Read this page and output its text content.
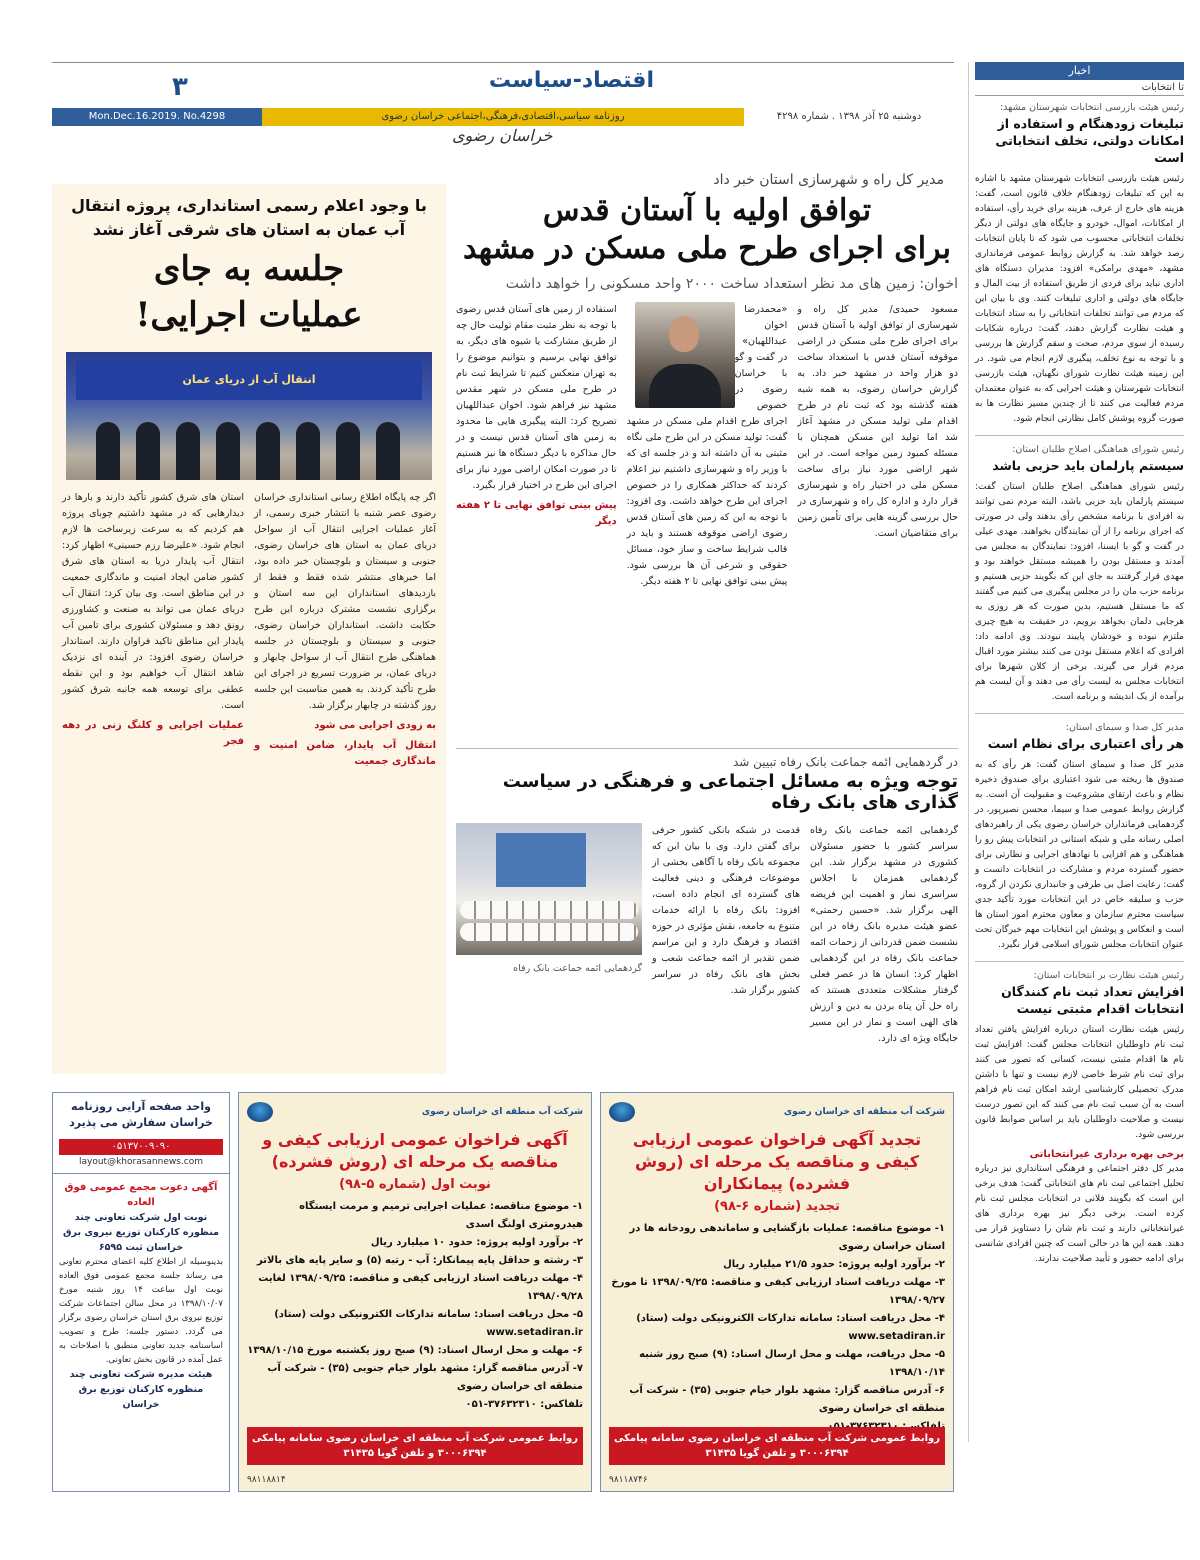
اقتصاد-سیاست
۳
دوشنبه ۲۵ آذر ۱۳۹۸ . شماره ۴۲۹۸
روزنامه سیاسی،اقتصادی،فرهنگی،اجتماعی خراسان رضوی
Mon.Dec.16.2019. No.4298
خراسان رضوی
اخبار
تا انتخابات
رئیس هیئت بازرسی انتخابات شهرستان مشهد:
تبلیغات زودهنگام و استفاده از امکانات دولتی، تخلف انتخاباتی است
رئیس هیئت بازرسی انتخابات شهرستان مشهد با اشاره به این که تبلیغات زودهنگام خلاف قانون است، گفت: هزینه های خارج از عرف، هزینه برای خرید رأی، استفاده از امکانات، اموال، خودرو و جایگاه های دولتی از دیگر تخلفات انتخاباتی محسوب می شود که تا پایان انتخابات رصد خواهد شد. به گزارش روابط عمومی فرمانداری مشهد، «مهدی برامکی» افزود: مدیران دستگاه های اداری نباید برای فردی از طریق استفاده از بیت المال و جایگاه های دولتی و اداری تبلیغات کنند. وی با بیان این که مردم می توانند تخلفات انتخاباتی را به ستاد انتخابات و هیئت نظارت گزارش دهند، گفت: درباره شکایات رسیده از سوی مردم، صحت و سقم گزارش ها بررسی و با توجه به نوع تخلف، پیگیری لازم انجام می شود. در این زمینه هیئت نظارت شورای نگهبان، هیئت بازرسی انتخابات شهرستان و هیئت اجرایی که به عنوان معتمدان مردم فعالیت می کنند تا از چندین مسیر نظارت ها به صورت گروه پوشش کامل نظارتی انجام شود.
رئیس شورای هماهنگی اصلاح طلبان استان:
سیستم پارلمان باید حزبی باشد
رئیس شورای هماهنگی اصلاح طلبان استان گفت: سیستم پارلمان باید حزبی باشد، البته مردم نمی توانند به افرادی با برنامه مشخص رأی بدهند ولی در صورتی که اجرای برنامه را از آن نمایندگان بخواهند. مهدی عیلی در گفت و گو با ایسنا، افزود: نمایندگان به مجلس می آمدند و مستقل بودن را همیشه مستقل خواهند بود و مهدی قرار گرفتند به جای این که بگویند حزبی هستیم و برنامه حزب مان را در مجلس پیگیری می کنیم می گفتند که ما مستقل هستیم، بدین صورت که هر روزی به هرجایی دلمان بخواهد برویم، در حقیقت به هیچ چیزی ملتزم نبوده و خودشان پایبند نبودند. وی ادامه داد: افرادی که اعلام مستقل بودن می کنند بیشتر مورد اقبال مردم قرار می گیرند. برخی از کلان شهرها برای انتخابات مجلس به لیست رأی می دهند و آن لیست هم برآمده از یک اندیشه و برنامه است.
مدیر کل صدا و سیمای استان:
هر رأی اعتباری برای نظام است
مدیر کل صدا و سیمای استان گفت: هر رأی که به صندوق ها ریخته می شود اعتباری برای صندوق ذخیره نظام و باعث ارتقای مشروعیت و مقبولیت آن است. به گزارش روابط عمومی صدا و سیما، محسن نصیرپور، در گردهمایی فرمانداران خراسان رضوی یکی از راهبردهای اصلی رسانه ملی و شبکه استانی در انتخابات پیش رو را هماهنگی و هم افزایی با نهادهای اجرایی و نظارتی برای حضور گسترده مردم و مشارکت در انتخابات دانست و گفت: رعایت اصل بی طرفی و جانبداری نکردن از گروه، حزب و سلیقه خاص در این انتخابات مورد تأکید جدی سیاست محترم سازمان و معاون محترم امور استان ها است و انعکاس و پوشش این انتخابات مهم خبرگان تحت عنوان انتخابات مجلس شورای اسلامی قرار نگیرد.
رئیس هیئت نظارت بر انتخابات استان:
افزایش تعداد ثبت نام کنندگان انتخابات اقدام مثبتی نیست
رئیس هیئت نظارت استان درباره افزایش یافتن تعداد ثبت نام داوطلبان انتخابات مجلس گفت: افزایش ثبت نام ها اقدام مثبتی نیست، کسانی که تصور می کنند برای ثبت نام شرط خاصی لازم نیست و تنها با داشتن مدرک تحصیلی کارشناسی ارشد امکان ثبت نام فراهم است به آن سبب ثبت نام می کنند که این تصور درست نیست و صلاحیت داوطلبان باید بر اساس ضوابط قانون بررسی شود.
برخی بهره برداری غیرانتخاباتی
مدیر کل دفتر اجتماعی و فرهنگی استانداری نیز درباره تحلیل اجتماعی ثبت نام های انتخاباتی گفت: هدف برخی این است که بگویند فلانی در انتخابات مجلس ثبت نام کرده است. برخی دیگر نیز بهره برداری های غیرانتخاباتی دارند و ثبت نام شان را دستاویز قرار می دهند. همه این ها در حالی است که چنین افرادی شانسی برای ادامه حضور و تأیید صلاحیت ندارند.
مدیر کل راه و شهرسازی استان خبر داد
توافق اولیه با آستان قدس
برای اجرای طرح ملی مسکن در مشهد
اخوان: زمین های مد نظر استعداد ساخت ۲۰۰۰ واحد مسکونی را خواهد داشت
مسعود حمیدی/ مدیر کل راه و شهرسازی از توافق اولیه با آستان قدس برای اجرای طرح ملی مسکن در اراضی موقوفه آستان قدس با استعداد ساخت دو هزار واحد در مشهد خبر داد. به گزارش خراسان رضوی، به همه شبه هفته گذشته بود که ثبت نام در طرح اقدام ملی تولید مسکن در مشهد آغاز شد اما تولید این مسکن همچنان با مسئله کمبود زمین مواجه است. در این شهر اراضی مورد نیاز برای ساخت مسکن ملی در اختیار راه و شهرسازی قرار دارد و اداره کل راه و شهرسازی در حال بررسی گزینه هایی برای تأمین زمین برای متقاضیان است.
«محمدرضا اخوان عبداللهیان» در گفت و گو با خراسان رضوی در خصوص اجرای طرح اقدام ملی مسکن در مشهد گفت: تولید مسکن در این طرح ملی نگاه مثبتی به آن داشته اند و در جلسه ای که با وزیر راه و شهرسازی داشتیم نیز اعلام کردند که حداکثر همکاری را در خصوص اجرای این طرح خواهد داشت. وی افزود: با توجه به این که زمین های آستان قدس رضوی اراضی موقوفه هستند و باید در قالب شرایط ساخت و ساز خود، مسائل حقوقی و شرعی آن ها بررسی شود. پیش بینی توافق نهایی تا ۲ هفته دیگر.
استفاده از زمین های آستان قدس رضوی با توجه به نظر مثبت مقام تولیت حال چه از طریق مشارکت یا شیوه های دیگر، به توافق نهایی برسیم و بتوانیم موضوع را به تهران منعکس کنیم تا شرایط ثبت نام در طرح ملی مسکن در شهر مقدس مشهد نیز فراهم شود. اخوان عبداللهیان تصریح کرد: البته پیگیری هایی ما محدود به زمین های آستان قدس نیست و در حال مذاکره با دیگر دستگاه ها نیز هستیم تا در صورت امکان اراضی مورد نیاز برای اجرای این طرح در اختیار قرار بگیرد.
پیش بینی توافق نهایی تا ۲ هفته دیگر
با وجود اعلام رسمی استانداری، پروژه انتقال آب عمان به استان های شرقی آغاز نشد
جلسه به جای
عملیات اجرایی!
انتقال آب از دریای عمان
اگر چه پایگاه اطلاع رسانی استانداری خراسان رضوی عصر شنبه با انتشار خبری رسمی، از آغاز عملیات اجرایی انتقال آب از سواحل دریای عمان به استان های خراسان رضوی، جنوبی و سیستان و بلوچستان خبر داده بود، اما خبرهای منتشر شده فقط و فقط از بازدیدهای استانداران این سه استان و برگزاری نشست مشترک درباره این طرح حکایت داشت. استانداران خراسان رضوی، جنوبی و سیستان و بلوچستان در جلسه هماهنگی طرح انتقال آب از سواحل چابهار و دریای عمان، بر ضرورت تسریع در اجرای این طرح تأکید کردند. به همین مناسبت این جلسه روز گذشته در چابهار برگزار شد.
به زودی اجرایی می شود
انتقال آب پایدار، ضامن امنیت و ماندگاری جمعیت
استان های شرق کشور تأکید دارند و بارها در دیدارهایی که در مشهد داشتیم چوبای پروژه هم کردیم که به سرعت زیرساخت ها لازم انجام شود. «علیرضا رزم حسینی» اظهار کرد: انتقال آب پایدار دریا به استان های شرق کشور ضامن ایجاد امنیت و ماندگاری جمعیت در این مناطق است. وی بیان کرد: انتقال آب دریای عمان می تواند به صنعت و کشاورزی رونق دهد و مسئولان کشوری برای تامین آب پایدار این مناطق تاکید فراوان دارند. استاندار خراسان رضوی افزود: در آینده ای نزدیک شاهد انتقال آب خواهیم بود و این نقطه عطفی برای توسعه همه جانبه شرق کشور است.
عملیات اجرایی و کلنگ زنی در دهه فجر
در گردهمایی ائمه جماعت بانک رفاه تبیین شد
توجه ویژه به مسائل اجتماعی و فرهنگی در سیاست گذاری های بانک رفاه
گردهمایی ائمه جماعت بانک رفاه سراسر کشور با حضور مسئولان کشوری در مشهد برگزار شد. این گردهمایی همزمان با اجلاس سراسری نماز و اهمیت این فریضه الهی برگزار شد. «حسین رحمتی» عضو هیئت مدیره بانک رفاه در این نشست ضمن قدردانی از زحمات ائمه جماعت بانک رفاه در این گردهمایی اظهار کرد: انسان ها در عصر فعلی گرفتار مشکلات متعددی هستند که راه حل آن پناه بردن به دین و ارزش های الهی است و نماز در این مسیر جایگاه ویژه ای دارد.
قدمت در شبکه بانکی کشور حرفی برای گفتن دارد. وی با بیان این که مجموعه بانک رفاه با آگاهی بخشی از موضوعات فرهنگی و دینی فعالیت های گسترده ای انجام داده است، افزود: بانک رفاه با ارائه خدمات متنوع به جامعه، نقش مؤثری در حوزه اقتصاد و فرهنگ دارد و این مراسم ضمن تقدیر از ائمه جماعت شعب و بخش های بانک رفاه در سراسر کشور برگزار شد.
گردهمایی ائمه جماعت بانک رفاه
واحد صفحه آرایی روزنامه خراسان سفارش می پذیرد
۰۵۱۳۷۰۰۹۰۹۰
layout@khorasannews.com
آگهی دعوت مجمع عمومی فوق العاده
نوبت اول شرکت تعاونی چند منظوره کارکنان توزیع نیروی برق خراسان ثبت ۶۵۹۵
بدینوسیله از اطلاع کلیه اعضای محترم تعاونی می رساند جلسه مجمع عمومی فوق العاده نوبت اول ساعت ۱۴ روز شنبه مورخ ۱۳۹۸/۱۰/۰۷ در محل سالن اجتماعات شرکت توزیع نیروی برق استان خراسان رضوی برگزار می گردد. دستور جلسه: طرح و تصویب اساسنامه جدید تعاونی منطبق با اصلاحات به عمل آمده در قانون بخش تعاونی.
هیئت مدیره شرکت تعاونی چند منظوره کارکنان توزیع برق خراسان
شرکت آب منطقه ای خراسان رضوی
آگهی فراخوان عمومی ارزیابی کیفی و مناقصه یک مرحله ای (روش فشرده)
نوبت اول (شماره ۵-۹۸)
۱- موضوع مناقصه: عملیات اجرایی ترمیم و مرمت ایستگاه هیدرومتری اولنگ اسدی
۲- برآورد اولیه پروژه: حدود ۱۰ میلیارد ریال
۳- رشته و حداقل پایه پیمانکار: آب - رتبه (۵) و سایر پایه های بالاتر
۴- مهلت دریافت اسناد ارزیابی کیفی و مناقصه: ۱۳۹۸/۰۹/۲۵ لغایت ۱۳۹۸/۰۹/۲۸
۵- محل دریافت اسناد: سامانه تدارکات الکترونیکی دولت (ستاد) www.setadiran.ir
۶- مهلت و محل ارسال اسناد: (۹) صبح روز یکشنبه مورخ ۱۳۹۸/۱۰/۱۵
۷- آدرس مناقصه گزار: مشهد بلوار خیام جنوبی (۳۵) - شرکت آب منطقه ای خراسان رضوی
تلفاکس: ۳۷۶۳۲۳۱۰-۰۵۱
روابط عمومی شرکت آب منطقه ای خراسان رضوی سامانه پیامکی ۳۰۰۰۶۳۹۴ و تلفن گویا ۳۱۴۳۵
۹۸۱۱۸۸۱۴
شرکت آب منطقه ای خراسان رضوی
تجدید آگهی فراخوان عمومی ارزیابی کیفی و مناقصه یک مرحله ای (روش فشرده) پیمانکاران
تجدید (شماره ۶-۹۸)
۱- موضوع مناقصه: عملیات بازگشایی و ساماندهی رودخانه ها در استان خراسان رضوی
۲- برآورد اولیه پروژه: حدود ۲۱/۵ میلیارد ریال
۳- مهلت دریافت اسناد ارزیابی کیفی و مناقصه: ۱۳۹۸/۰۹/۲۵ تا مورخ ۱۳۹۸/۰۹/۲۷
۴- محل دریافت اسناد: سامانه تدارکات الکترونیکی دولت (ستاد) www.setadiran.ir
۵- محل دریافت، مهلت و محل ارسال اسناد: (۹) صبح روز شنبه ۱۳۹۸/۱۰/۱۴
۶- آدرس مناقصه گزار: مشهد بلوار خیام جنوبی (۳۵) - شرکت آب منطقه ای خراسان رضوی
روابط عمومی شرکت آب منطقه ای خراسان رضوی سامانه پیامکی ۳۰۰۰۶۳۹۴ و تلفن گویا ۳۱۴۳۵
۹۸۱۱۸۷۴۶
